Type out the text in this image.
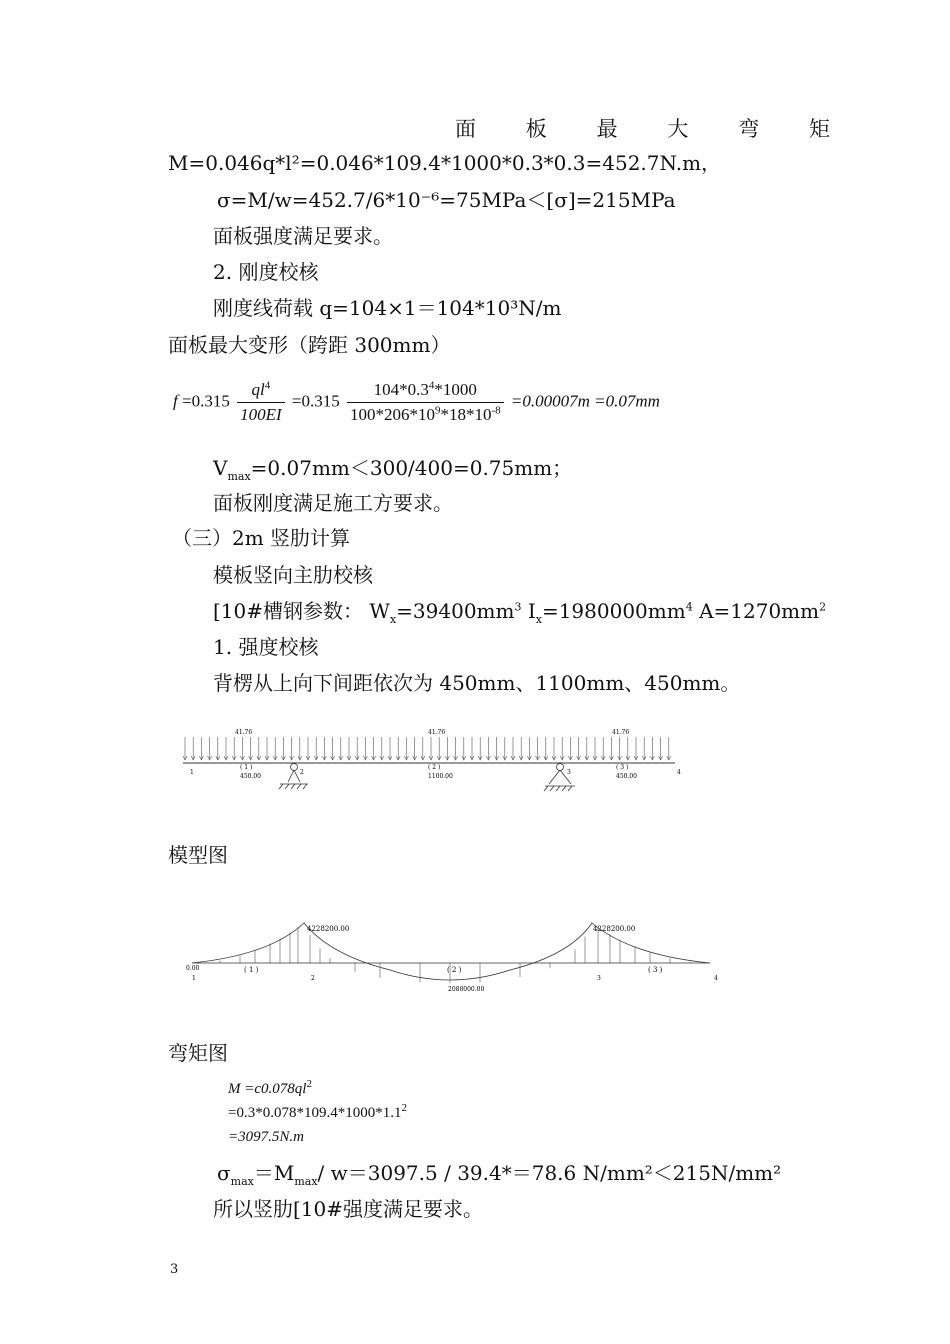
面 板 最 大 弯 矩
M=0.046q*l²=0.046*109.4*1000*0.3*0.3=452.7N.m，
σ=M/w=452.7/6*10⁻⁶=75MPa＜[σ]=215MPa
面板强度满足要求。
2. 刚度校核
刚度线荷载 q=104×1＝104*10³N/m
面板最大变形（跨距 300mm）
$f =0.315 \frac{ql^4}{100EI} =0.315 \frac{104*0.3^4*1000}{100*206*10^9*18*10^{-8}} =0.00007m =0.07mm$
$V_{max}=0.07mm<300/400=0.75mm$；
面板刚度满足施工方要求。
（三）2m 竖肋计算
模板竖向主肋校核
[10#槽钢参数： $W_x=39400mm^3$ $I_x=1980000mm^4$ $A=1270mm^2$
1. 强度校核
背楞从上向下间距依次为 450mm、1100mm、450mm。
41.76	41.76	41.76
( 1 )	( 2 )	( 3 )
450.00	1100.00	450.00
1	2	3	4
模型图
4228200.00	4228200.00
2088000.00
0.00	( 1 )	( 2 )	( 3 )
1	2	3	4
弯矩图
$M =c0.078ql^2$
$=0.3*0.078*109.4*1000*1.1^2$
=3097.5N.m
$\sigma_{max}=M_{max}/$ w＝3097.5 / 39.4*＝78.6 N/mm²＜215N/mm²
所以竖肋[10#强度满足要求。
3
